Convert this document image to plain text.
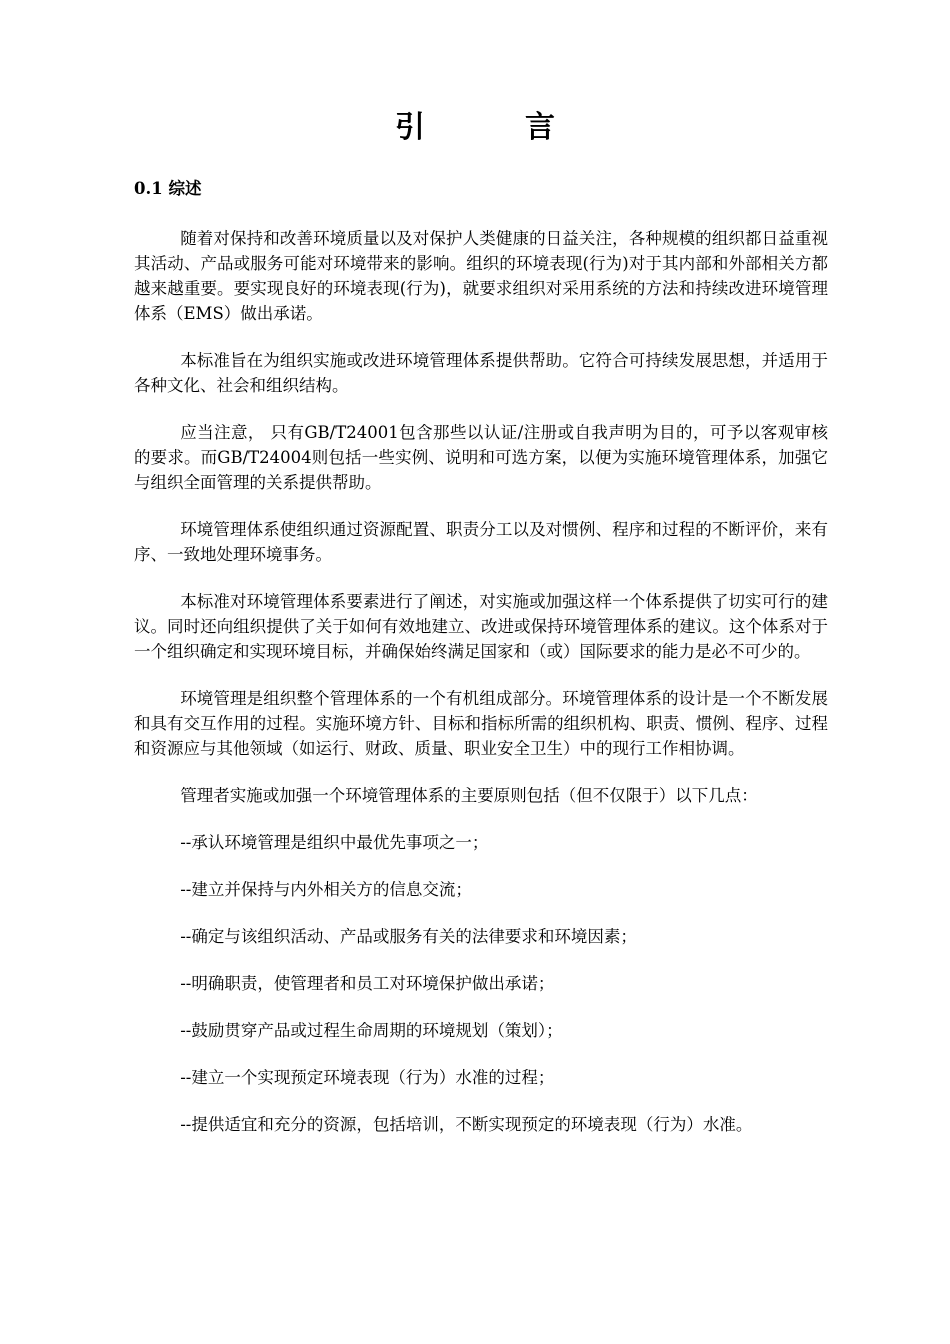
引	言
0.1 综述

随着对保持和改善环境质量以及对保护人类健康的日益关注，各种规模的组织都日益重视其活动、产品或服务可能对环境带来的影响。组织的环境表现(行为)对于其内部和外部相关方都越来越重要。要实现良好的环境表现(行为)，就要求组织对采用系统的方法和持续改进环境管理体系（EMS）做出承诺。

本标准旨在为组织实施或改进环境管理体系提供帮助。它符合可持续发展思想，并适用于各种文化、社会和组织结构。

应当注意， 只有GB/T24001包含那些以认证/注册或自我声明为目的，可予以客观审核的要求。而GB/T24004则包括一些实例、说明和可选方案，以便为实施环境管理体系，加强它与组织全面管理的关系提供帮助。

环境管理体系使组织通过资源配置、职责分工以及对惯例、程序和过程的不断评价，来有序、一致地处理环境事务。

本标准对环境管理体系要素进行了阐述，对实施或加强这样一个体系提供了切实可行的建议。同时还向组织提供了关于如何有效地建立、改进或保持环境管理体系的建议。这个体系对于一个组织确定和实现环境目标，并确保始终满足国家和（或）国际要求的能力是必不可少的。

环境管理是组织整个管理体系的一个有机组成部分。环境管理体系的设计是一个不断发展和具有交互作用的过程。实施环境方针、目标和指标所需的组织机构、职责、惯例、程序、过程和资源应与其他领域（如运行、财政、质量、职业安全卫生）中的现行工作相协调。

管理者实施或加强一个环境管理体系的主要原则包括（但不仅限于）以下几点：

--承认环境管理是组织中最优先事项之一；

--建立并保持与内外相关方的信息交流；

--确定与该组织活动、产品或服务有关的法律要求和环境因素；

--明确职责，使管理者和员工对环境保护做出承诺；

--鼓励贯穿产品或过程生命周期的环境规划（策划）；

--建立一个实现预定环境表现（行为）水准的过程；

--提供适宜和充分的资源，包括培训，不断实现预定的环境表现（行为）水准。
